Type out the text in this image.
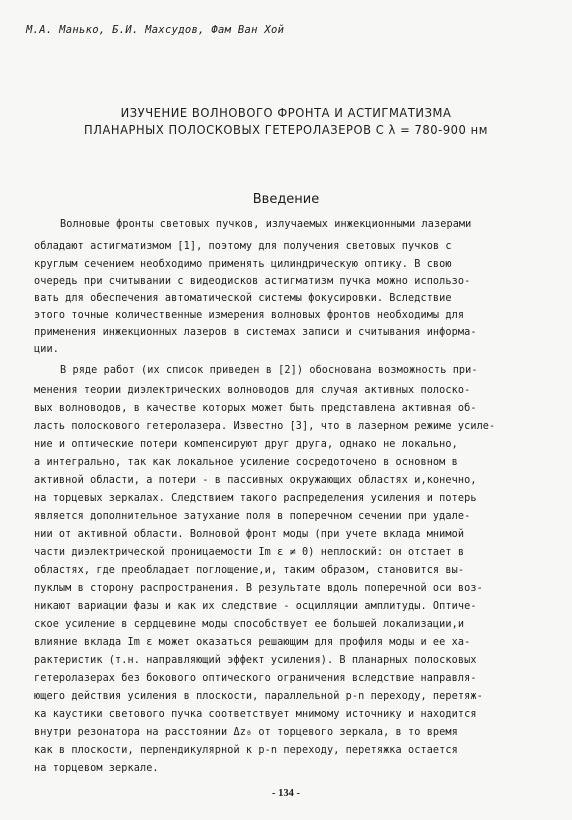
М.А. Манько, Б.И. Махсудов, Фам Ван Хой
ИЗУЧЕНИЕ ВОЛНОВОГО ФРОНТА И АСТИГМАТИЗМА
ПЛАНАРНЫХ ПОЛОСКОВЫХ ГЕТЕРОЛАЗЕРОВ С λ = 780-900 нм
Введение
Волновые фронты световых пучков, излучаемых инжекционными лазерами
обладают астигматизмом [1], поэтому для получения световых пучков с
круглым сечением необходимо применять цилиндрическую оптику. В свою
очередь при считывании с видеодисков астигматизм пучка можно использо-
вать для обеспечения автоматической системы фокусировки. Вследствие
этого точные количественные измерения волновых фронтов необходимы для
применения инжекционных лазеров в системах записи и считывания информа-
ции.
В ряде работ (их список приведен в [2]) обоснована возможность при-
менения теории диэлектрических волноводов для случая активных полоско-
вых волноводов, в качестве которых может быть представлена активная об-
ласть полоскового гетеролазера. Известно [3], что в лазерном режиме усиле-
ние и оптические потери компенсируют друг друга, однако не локально,
а интегрально, так как локальное усиление сосредоточено в основном в
активной области, а потери - в пассивных окружающих областях и,конечно,
на торцевых зеркалах. Следствием такого распределения усиления и потерь
является дополнительное затухание поля в поперечном сечении при удале-
нии от активной области. Волновой фронт моды (при учете вклада мнимой
части диэлектрической проницаемости Im ε ≠ 0) неплоский: он отстает в
областях, где преобладает поглощение,и, таким образом, становится вы-
пуклым в сторону распространения. В результате вдоль поперечной оси воз-
никают вариации фазы и как их следствие - осцилляции амплитуды. Оптиче-
ское усиление в сердцевине моды способствует ее большей локализации,и
влияние вклада Im ε может оказаться решающим для профиля моды и ее ха-
рактеристик (т.н. направляющий эффект усиления). В планарных полосковых
гетеролазерах без бокового оптического ограничения вследствие направля-
ющего действия усиления в плоскости, параллельной p-n переходу, перетяж-
ка каустики светового пучка соответствует мнимому источнику и находится
внутри резонатора на расстоянии Δz₀ от торцевого зеркала, в то время
как в плоскости, перпендикулярной к p-n переходу, перетяжка остается
на торцевом зеркале.
- 134 -
